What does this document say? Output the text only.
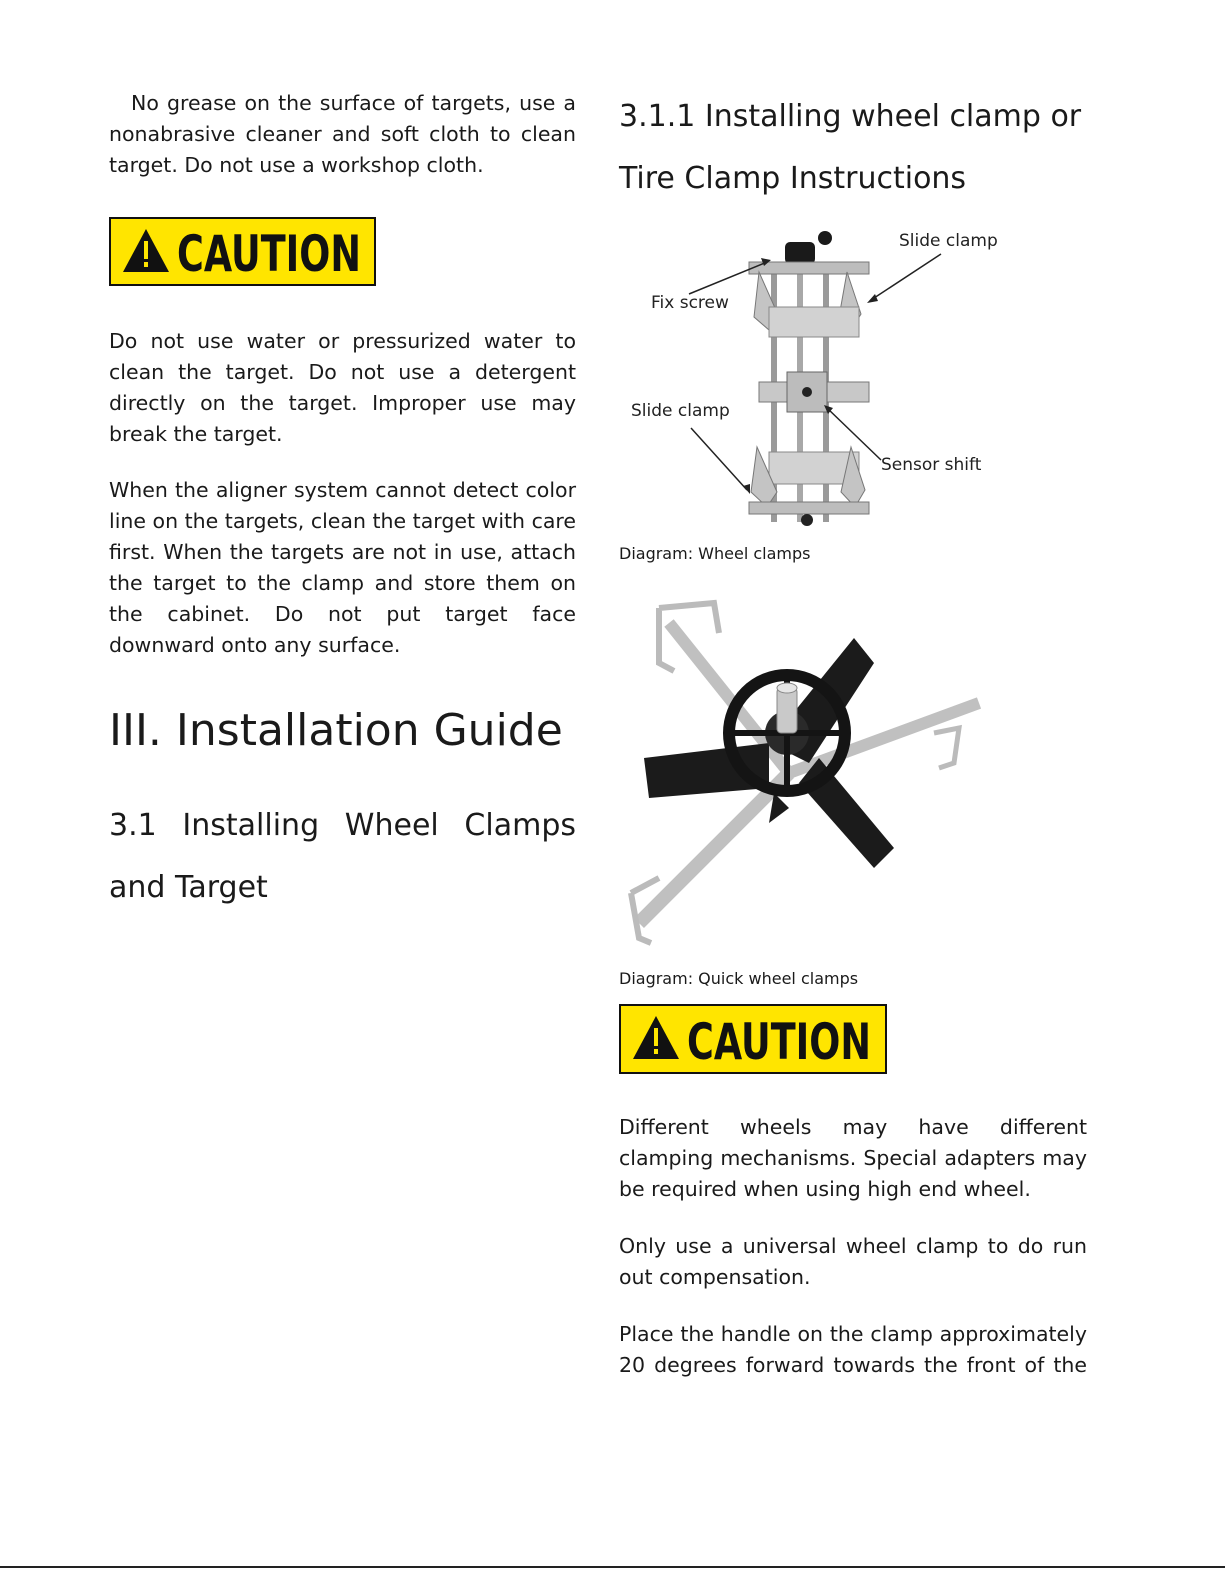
No grease on the surface of targets, use a nonabrasive cleaner and soft cloth to clean target. Do not use a workshop cloth.

CAUTION

Do not use water or pressurized water to clean the target. Do not use a detergent directly on the target. Improper use may break the target.

When the aligner system cannot detect color line on the targets, clean the target with care first. When the targets are not in use, attach the target to the clamp and store them on the cabinet. Do not put target face downward onto any surface.

III. Installation Guide
3.1 Installing Wheel Clamps and Target
3.1.1 Installing wheel clamp or Tire Clamp Instructions
Slide clamp
Fix screw
Slide clamp
Sensor shift

Diagram: Wheel clamps

Diagram: Quick wheel clamps

CAUTION

Different wheels may have different clamping mechanisms. Special adapters may be required when using high end wheel.

Only use a universal wheel clamp to do run out compensation.

Place the handle on the clamp approximately 20 degrees forward towards the front of the
